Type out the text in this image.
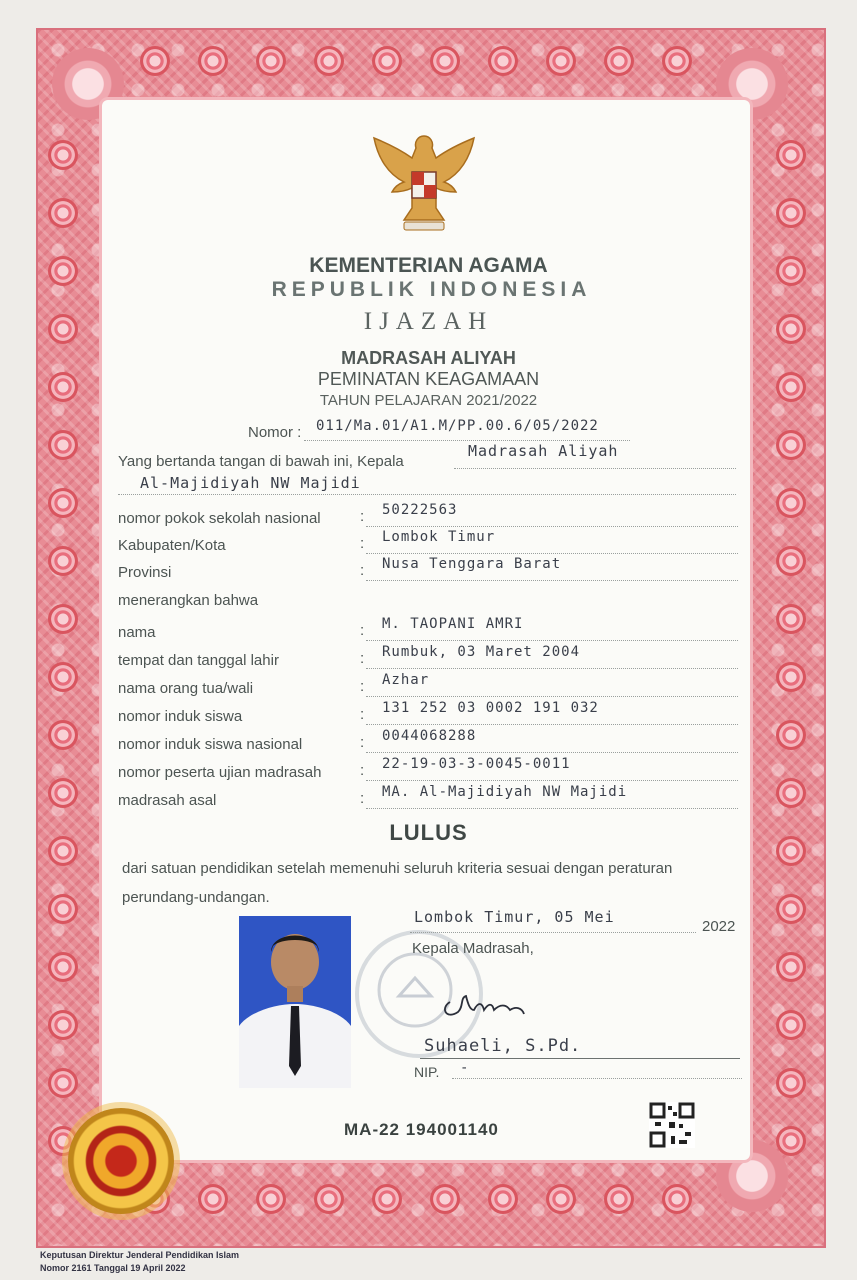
KEMENTERIAN AGAMA
REPUBLIK INDONESIA
IJAZAH
MADRASAH ALIYAH
PEMINATAN KEAGAMAAN
TAHUN PELAJARAN 2021/2022
Nomor : 011/Ma.01/A1.M/PP.00.6/05/2022
Yang bertanda tangan di bawah ini, Kepala
Madrasah Aliyah
Al-Majidiyah NW Majidi
nomor pokok sekolah nasional	: 50222563
Kabupaten/Kota	: Lombok Timur
Provinsi	: Nusa Tenggara Barat
menerangkan bahwa
nama	: M. TAOPANI AMRI
tempat dan tanggal lahir	: Rumbuk, 03 Maret 2004
nama orang tua/wali	: Azhar
nomor induk siswa	: 131 252 03 0002 191 032
nomor induk siswa nasional	: 0044068288
nomor peserta ujian madrasah	: 22-19-03-3-0045-0011
madrasah asal	: MA. Al-Majidiyah NW Majidi
LULUS
dari satuan pendidikan setelah memenuhi seluruh kriteria sesuai dengan peraturan
perundang-undangan.
Lombok Timur, 05 Mei
2022
Kepala Madrasah,
Suhaeli, S.Pd.
NIP. -
MA-22 194001140
Keputusan Direktur Jenderal Pendidikan Islam
Nomor 2161 Tanggal 19 April 2022
